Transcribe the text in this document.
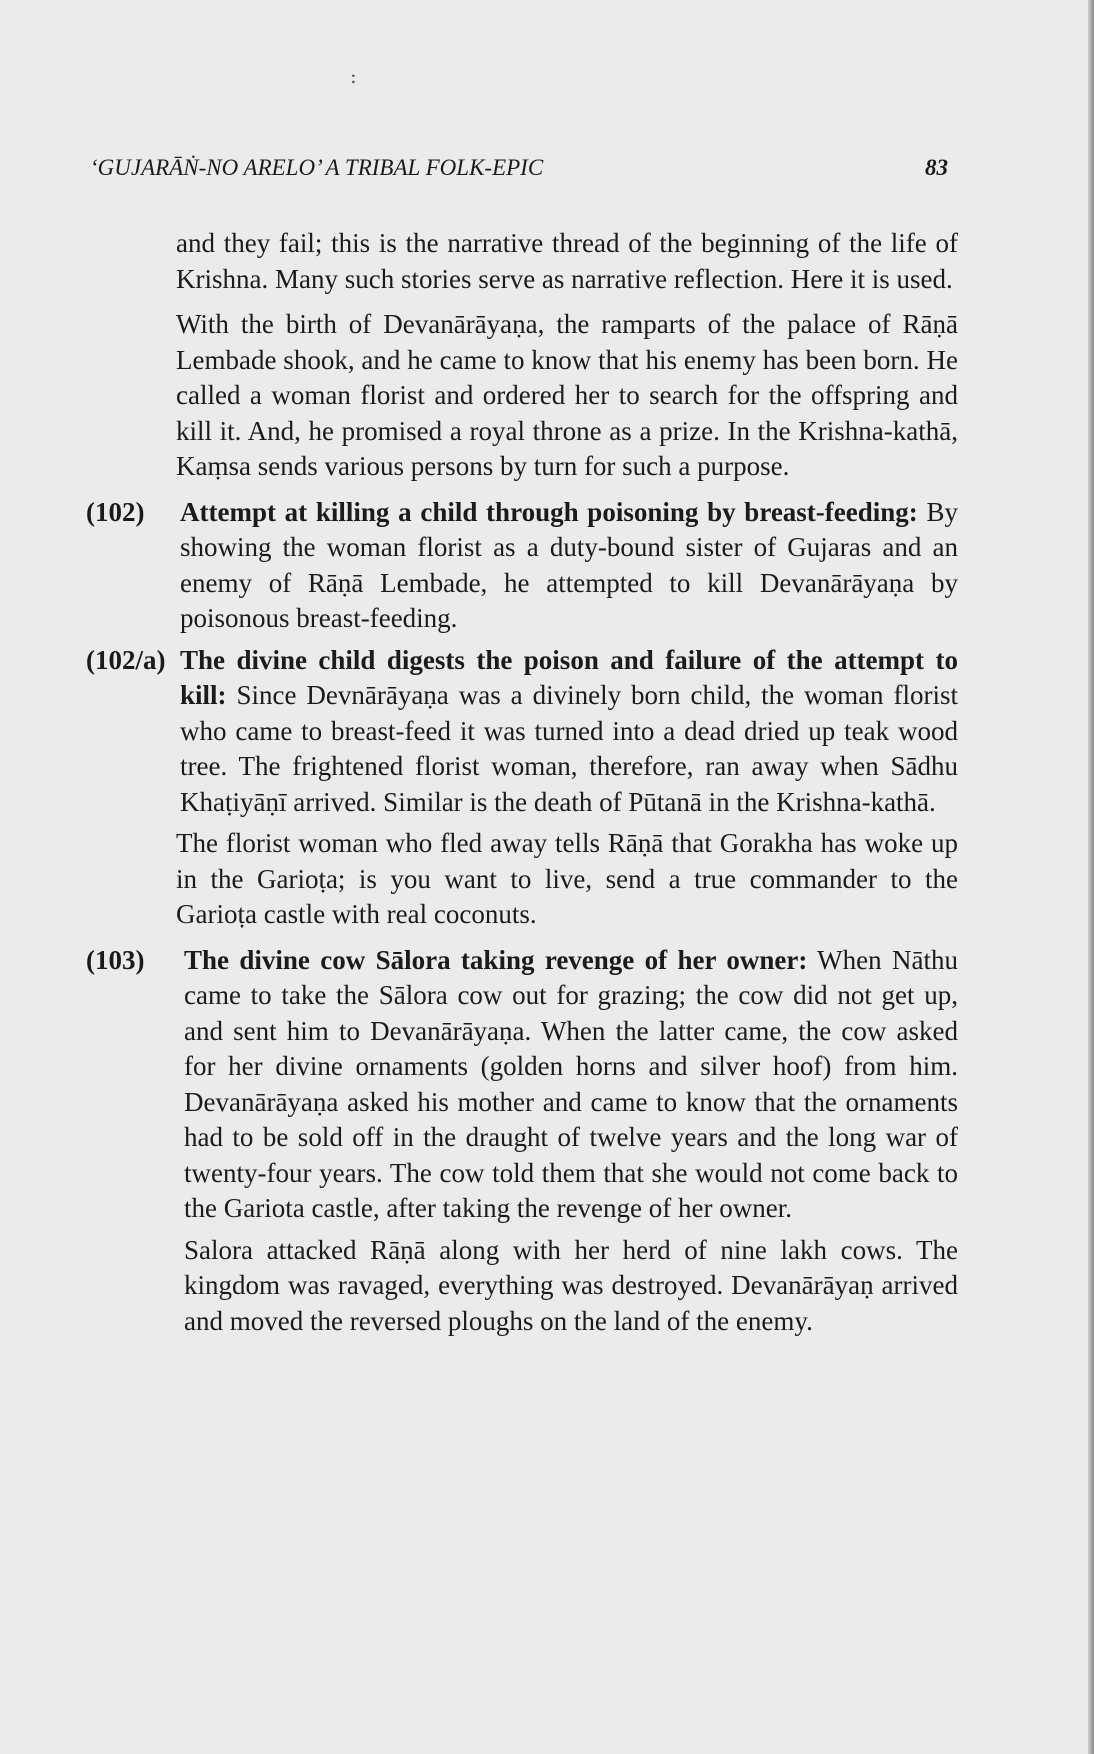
:
‘GUJARĀṄ-NO ARELO’ A TRIBAL FOLK-EPIC	83
and they fail; this is the narrative thread of the beginning of the life of Krishna. Many such stories serve as narrative reflection. Here it is used.
With the birth of Devanārāyaṇa, the ramparts of the palace of Rāṇā Lembade shook, and he came to know that his enemy has been born. He called a woman florist and ordered her to search for the offspring and kill it. And, he promised a royal throne as a prize. In the Krishna-kathā, Kaṃsa sends various persons by turn for such a purpose.
(102) Attempt at killing a child through poisoning by breast-feeding: By showing the woman florist as a duty-bound sister of Gujaras and an enemy of Rāṇā Lembade, he attempted to kill Devanārāyaṇa by poisonous breast-feeding.
(102/a) The divine child digests the poison and failure of the attempt to kill: Since Devnārāyaṇa was a divinely born child, the woman florist who came to breast-feed it was turned into a dead dried up teak wood tree. The frightened florist woman, therefore, ran away when Sādhu Khaṭiyāṇī arrived. Similar is the death of Pūtanā in the Krishna-kathā.
The florist woman who fled away tells Rāṇā that Gorakha has woke up in the Garioṭa; is you want to live, send a true commander to the Garioṭa castle with real coconuts.
(103) The divine cow Sālora taking revenge of her owner: When Nāthu came to take the Sālora cow out for grazing; the cow did not get up, and sent him to Devanārāyaṇa. When the latter came, the cow asked for her divine ornaments (golden horns and silver hoof) from him. Devanārāyaṇa asked his mother and came to know that the ornaments had to be sold off in the draught of twelve years and the long war of twenty-four years. The cow told them that she would not come back to the Gariota castle, after taking the revenge of her owner.
Salora attacked Rāṇā along with her herd of nine lakh cows. The kingdom was ravaged, everything was destroyed. Devanārāyaṇ arrived and moved the reversed ploughs on the land of the enemy.
